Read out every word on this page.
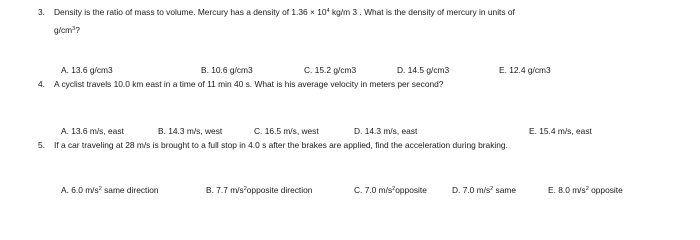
3. Density is the ratio of mass to volume. Mercury has a density of $1.36 \times 10^4$ kg/m 3 . What is the density of mercury in units of
$g/cm^3$?
A. 13.6 g/cm3	B. 10.6 g/cm3	C. 15.2 g/cm3	D. 14.5 g/cm3	E. 12.4 g/cm3
4. A cyclist travels 10.0 km east in a time of 11 min 40 s. What is his average velocity in meters per second?
A. 13.6 m/s, east	B. 14.3 m/s, west	C. 16.5 m/s, west	D. 14.3 m/s, east	E. 15.4 m/s, east
5. If a car traveling at 28 m/s is brought to a full stop in 4.0 s after the brakes are applied, find the acceleration during braking.
A. 6.0 $m/s^2$ same direction	B. 7.7 $m/s^2opposite$ direction	C. 7.0 $m/s^2opposite$	D. 7.0 $m/s^2$ same	E. 8.0 $m/s^2$ opposite
